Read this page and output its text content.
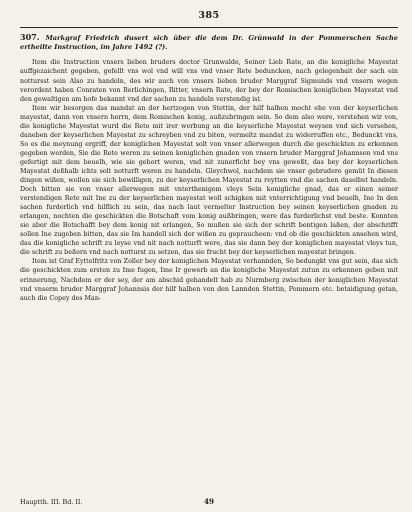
385
307. Markgraf Friedrich dusert sich über die dem Dr. Grünwald in der Pommerschen Sache ertheilte Instruction, im Jahre 1492 (?).

Item die Instruction vnsers lieben bruders doctor Grunwalde, Seiner Lieb Rate, an die konigliche Mayestat auffgezaichent gegeben, gefellt vns wol vnd will vns vnd vnser Rete beduncken, nach gelegenhait der sach ein nottursst sein Also zu handeln, des wir auch von vnsers lieben bruder Marggraf Sigmunds vnd vnsern wegen verordent haben Conraten von Berlichingen, Ritter, vnsern Rate, der bey der Romischen koniglichen Mayestat vnd den gewaltigen am hofe bekannt vnd der sachen zu handeln verstendig ist.

Item wir besorgen das mandat an der hertzogen von Stettin, der hilf halben mocht ehe von der keyserlichen mayestat, dann von vnsern herrn, dem Romischen konig, außzubringen sein. So dem also were, verstehen wir von, die konigliche Mayestat wurd die Rete mit irer werbung an die keyserliche Mayestat weysen vnd sich versehen, daneben der keyserlichen Mayestat zu schreyben vnd zu biten, vermeltz mandat zu widerruffen etc., Bedunckt vns, So es die meynung ergriff, der koniglichen Mayestat solt von vnser allerwegen durch die geschickten zu erkennen gegeben werden, Sie die Rete weren zu seinen koniglichen gnaden von vnsern bruder Marggraf Johannsen vnd vns gefertigt mit dem beuelh, wie sie gehort weren, vnd nit zunerficht bey vns geweßt, das bey der keyserlichen Mayestat deßhalb ichts solt notturft weren zu handeln. Gleychwol, nachdem sie vnser gebrudere gemüt In diesen dingen wißen, wollen sie sich bewilligen, zu der keyserlichen Mayestat zu reytten vnd die sachen daselbst handeln. Doch bitten sie von vnser allerwegen mit vnterthenigem vleys Sein konigliche gnad, das er einen seiner verstendigen Rete mit Ine zu der keyserlichen mayestat woll schigken mit vnterrichtigung vnd beuelh, Ine In den sachen furderlich vnd hilflich zu sein, das nach laut vermelter Instruction bey seinen keyserlichen gnaden zu erlangen, nochten die geschickten die Botschaft vom konig außbringen, were das furderlichst vnd beste. Konnten sie aber die Botschafft bey dem konig nit erlangen, So mußen sie sich der schrift bentigen laßen, der abschrifft sollen Ine zugeben bitten, das sie Im handell sich der wißen zu gepraucheen: vnd ob die geschickten ansehen wird, das die konigliche schrift zu leyse vnd nit nach notturft were, das sie dann bey der koniglichen mayestat vleys tun, die schrift zu beßern vnd nach notturst zu setzen, das sie frucht bey der keyserlichen mayestat bringen.

Item ist Graf Eyttelfritz von Zoller bey der koniglichen Mayestat verhannden, So bedungkt vns gut sein, das sich die geschickten zum ersten zu Ime fugen, Ime Ir gewerb an die konigliche Mayestat zutun zu erkennen geben mit erinnerung, Nachdem er der sey, der am abschid gehandelt hab zu Nurmberg zwischen der koniglichen Mayestat vnd vnserm bruder Marggraf Johannsis der hilf halben von den Lannden Stettin, Pommern etc. betaidigung getan, auch die Copey des Man-

Hauptth. III. Bd. II.	49
